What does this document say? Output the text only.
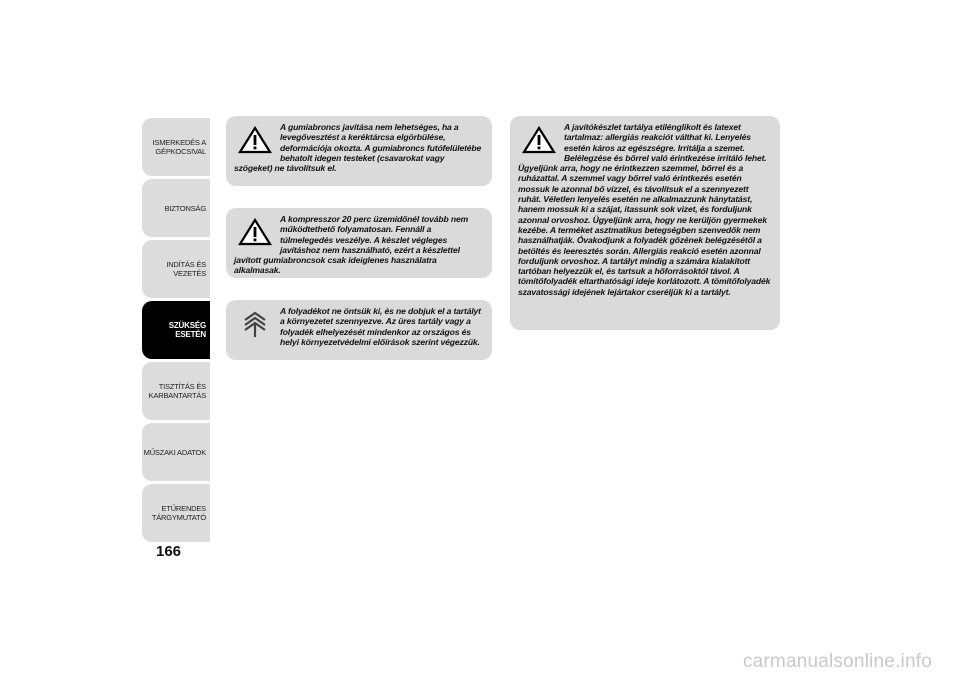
ISMERKEDÉS A GÉPKOCSIVAL
BIZTONSÁG
INDÍTÁS ÉS VEZETÉS
SZÜKSÉG ESETÉN
TISZTÍTÁS ÉS KARBANTARTÁS
MŰSZAKI ADATOK
ETŰRENDES TÁRGYMUTATÓ
166

A gumiabroncs javítása nem lehetséges, ha a levegővesztést a keréktárcsa elgörbülése, deformációja okozta. A gumiabroncs futófelületébe behatolt idegen testeket (csavarokat vagy szögeket) ne távolítsuk el.

A kompresszor 20 perc üzemidőnél tovább nem működtethető folyamatosan. Fennáll a túlmelegedés veszélye. A készlet végleges javításhoz nem használható, ezért a készlettel javított gumiabroncsok csak ideiglenes használatra alkalmasak.

A folyadékot ne öntsük ki, és ne dobjuk el a tartályt a környezetet szennyezve. Az üres tartály vagy a folyadék elhelyezését mindenkor az országos és helyi környezetvédelmi előírások szerint végezzük.

A javítókészlet tartálya etilénglikolt és latexet tartalmaz: allergiás reakciót válthat ki. Lenyelés esetén káros az egészségre. Irritálja a szemet. Belélegzése és bőrrel való érintkezése irritáló lehet. Ügyeljünk arra, hogy ne érintkezzen szemmel, bőrrel és a ruházattal. A szemmel vagy bőrrel való érintkezés esetén mossuk le azonnal bő vízzel, és távolítsuk el a szennyezett ruhát. Véletlen lenyelés esetén ne alkalmazzunk hánytatást, hanem mossuk ki a szájat, itassunk sok vizet, és forduljunk azonnal orvoshoz. Ügyeljünk arra, hogy ne kerüljön gyermekek kezébe. A terméket asztmatikus betegségben szenvedők nem használhatják. Óvakodjunk a folyadék gőzének belégzésétől a betöltés és leeresztés során. Allergiás reakció esetén azonnal forduljunk orvoshoz. A tartályt mindig a számára kialakított tartóban helyezzük el, és tartsuk a hőforrásoktól távol. A tömítőfolyadék eltarthatósági ideje korlátozott. A tömítőfolyadék szavatossági idejének lejártakor cseréljük ki a tartályt.

carmanualsonline.info
